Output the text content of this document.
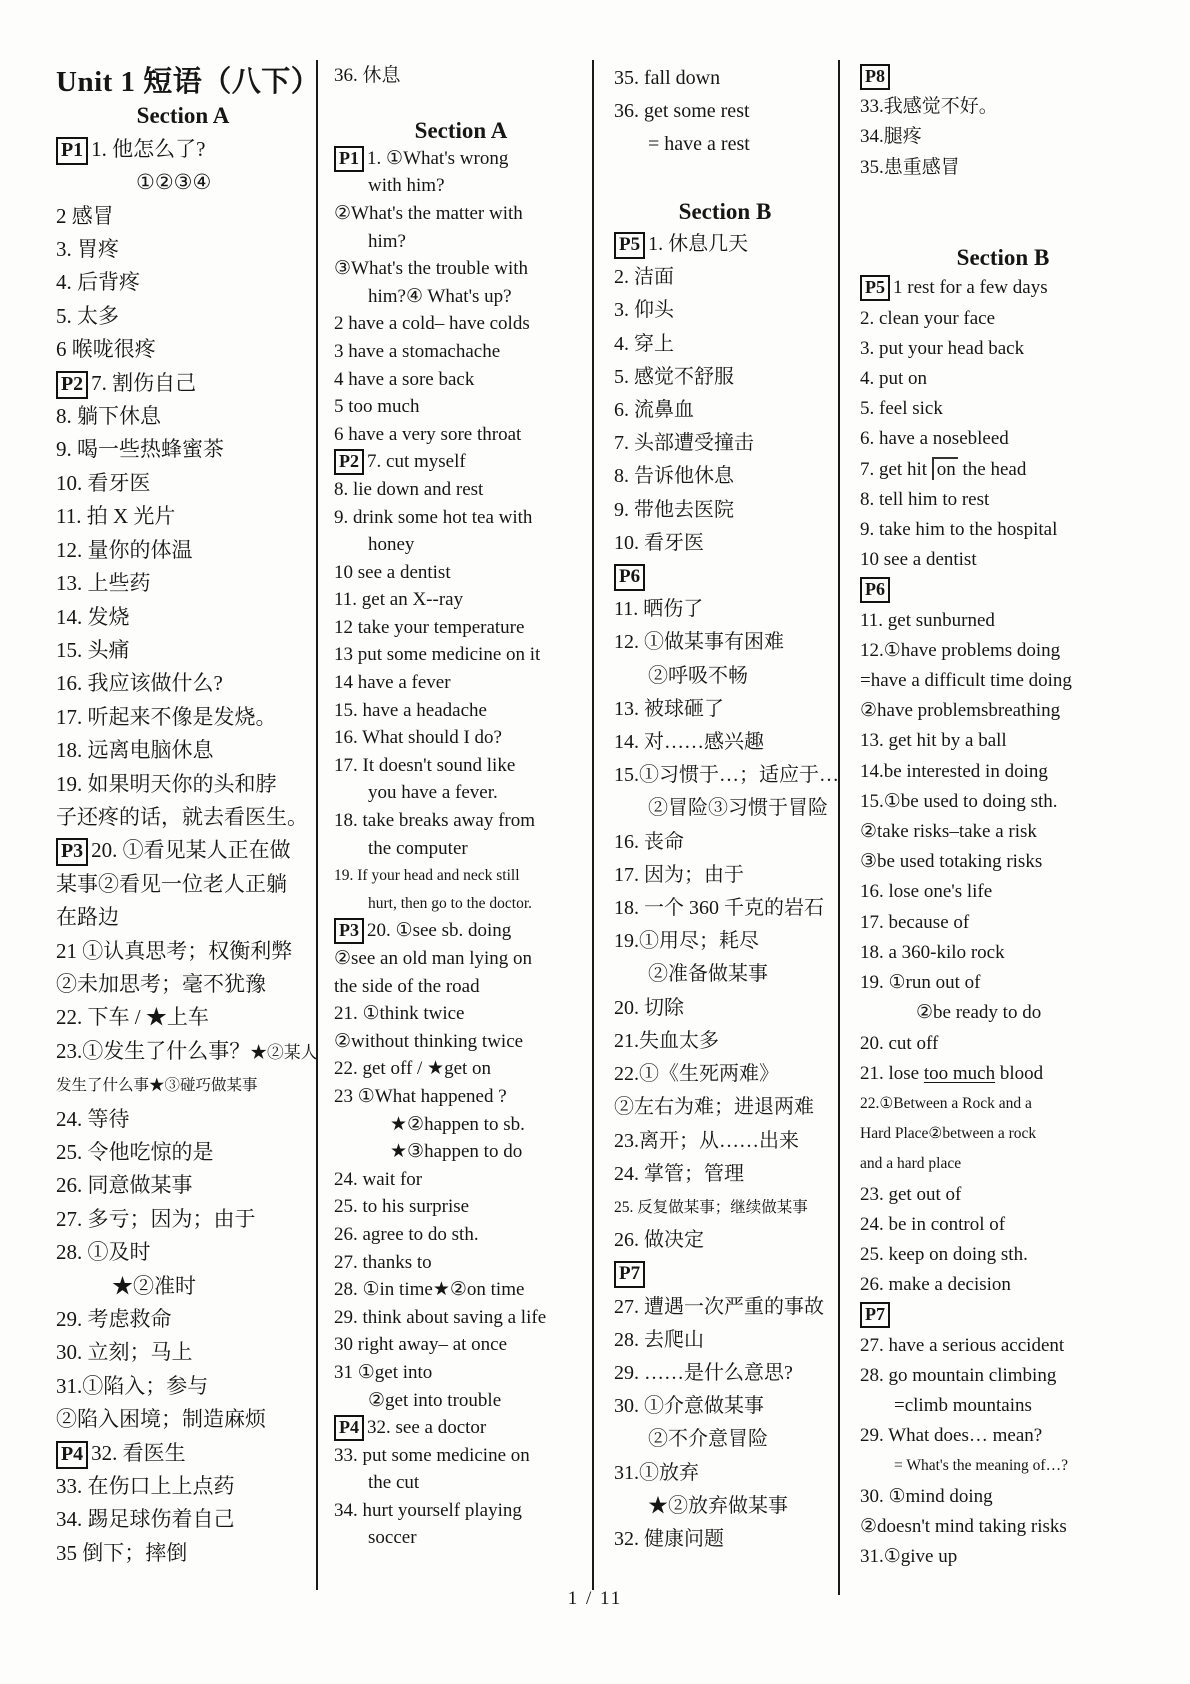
Unit 1 短语（八下）
Section A
P1 1. 他怎么了?
①②③④
2 感冒
3. 胃疼
4. 后背疼
5. 太多
6 喉咙很疼
P2 7. 割伤自己
8. 躺下休息
9. 喝一些热蜂蜜茶
10. 看牙医
11. 拍 X 光片
12. 量你的体温
13. 上些药
14. 发烧
15. 头痛
16. 我应该做什么?
17. 听起来不像是发烧。
18. 远离电脑休息
19. 如果明天你的头和脖
子还疼的话，就去看医生。
P3 20. ①看见某人正在做
某事②看见一位老人正躺
在路边
21 ①认真思考；权衡利弊
②未加思考；毫不犹豫
22. 下车 / ★上车
23.①发生了什么事？★②某人
发生了什么事★③碰巧做某事
24. 等待
25. 令他吃惊的是
26. 同意做某事
27. 多亏；因为；由于
28. ①及时
★②准时
29. 考虑救命
30. 立刻；马上
31.①陷入；参与
②陷入困境；制造麻烦
P4 32. 看医生
33. 在伤口上上点药
34. 踢足球伤着自己
35 倒下；摔倒
36. 休息

Section A
P1 1. ①What's wrong
with him?
②What's the matter with
him?
③What's the trouble with
him?④ What's up?
2 have a cold– have colds
3 have a stomachache
4 have a sore back
5 too much
6 have a very sore throat
P2 7. cut myself
8. lie down and rest
9. drink some hot tea with
honey
10 see a dentist
11. get an X--ray
12 take your temperature
13 put some medicine on it
14 have a fever
15. have a headache
16. What should I do?
17. It doesn't sound like
you have a fever.
18. take breaks away from
the computer
19. If your head and neck still
hurt, then go to the doctor.
P3 20. ①see sb. doing
②see an old man lying on
the side of the road
21. ①think twice
②without thinking twice
22. get off / ★get on
23 ①What happened ?
★②happen to sb.
★③happen to do
24. wait for
25. to his surprise
26. agree to do sth.
27. thanks to
28. ①in time★②on time
29. think about saving a life
30 right away– at once
31 ①get into
②get into trouble
P4 32. see a doctor
33. put some medicine on
the cut
34. hurt yourself playing
soccer
35. fall down
36. get some rest
= have a rest

Section B
P5 1. 休息几天
2. 洁面
3. 仰头
4. 穿上
5. 感觉不舒服
6. 流鼻血
7. 头部遭受撞击
8. 告诉他休息
9. 带他去医院
10. 看牙医
P6
11. 晒伤了
12. ①做某事有困难
②呼吸不畅
13. 被球砸了
14. 对……感兴趣
15.①习惯于…；适应于…
②冒险③习惯于冒险
16. 丧命
17. 因为；由于
18. 一个 360 千克的岩石
19.①用尽；耗尽
②准备做某事
20. 切除
21.失血太多
22.①《生死两难》
②左右为难；进退两难
23.离开；从……出来
24. 掌管；管理
25. 反复做某事；继续做某事
26. 做决定
P7
27. 遭遇一次严重的事故
28. 去爬山
29. ……是什么意思?
30. ①介意做某事
②不介意冒险
31.①放弃
★②放弃做某事
32. 健康问题
P8
33.我感觉不好。
34.腿疼
35.患重感冒

Section B
P5 1 rest for a few days
2. clean your face
3. put your head back
4. put on
5. feel sick
6. have a nosebleed
7. get hit on the head
8. tell him to rest
9. take him to the hospital
10 see a dentist
P6
11. get sunburned
12.①have problems doing
=have a difficult time doing
②have problemsbreathing
13. get hit by a ball
14.be interested in doing
15.①be used to doing sth.
②take risks–take a risk
③be used totaking risks
16. lose one's life
17. because of
18. a 360-kilo rock
19. ①run out of
②be ready to do
20. cut off
21. lose too much blood
22.①Between a Rock and a
Hard Place②between a rock
and a hard place
23. get out of
24. be in control of
25. keep on doing sth.
26. make a decision
P7
27. have a serious accident
28. go mountain climbing
=climb mountains
29. What does… mean?
= What's the meaning of…?
30. ①mind doing
②doesn't mind taking risks
31.①give up
1 / 11
